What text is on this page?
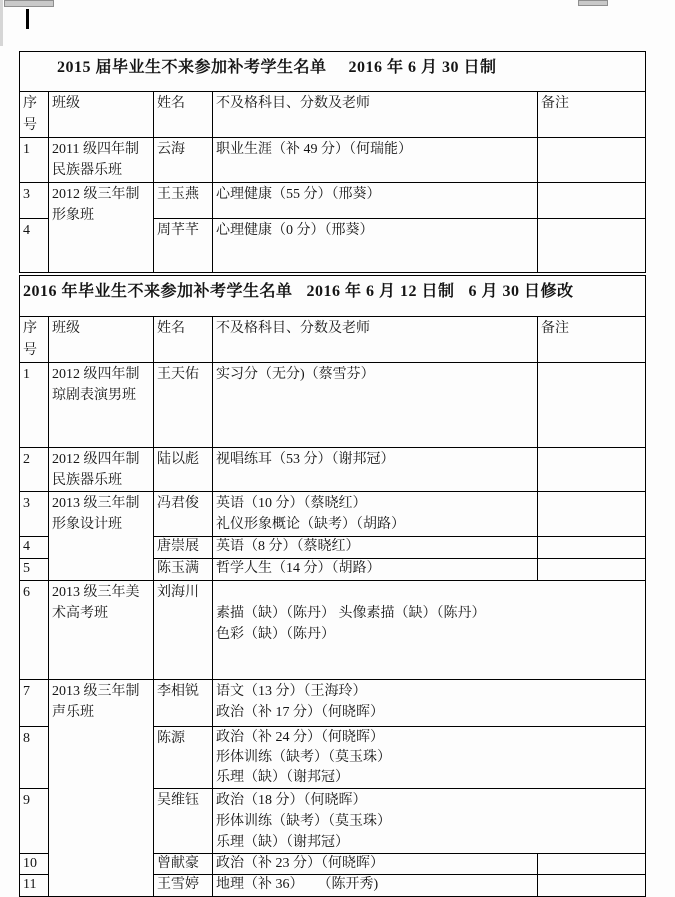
2015 届毕业生不来参加补考学生名单 2016 年 6 月 30 日制				
序号	班级	姓名	不及格科目、分数及老师	备注
1	2011 级四年制民族器乐班	云海	职业生涯（补 49 分）（何瑞能）	

3	2012 级三年制形象班	王玉燕	心理健康（55 分）（邢葵）	

4		周芊芊	心理健康（0 分）（邢葵）	

2016 年毕业生不来参加补考学生名单 2016 年 6 月 12 日制 6 月 30 日修改				
序号	班级	姓名	不及格科目、分数及老师	备注
1	2012 级四年制琼剧表演男班	王天佑	实习分（无分)（蔡雪芬）	

2	2012 级四年制民族器乐班	陆以彪	视唱练耳（53 分）（谢邦冠）	

3	2013 级三年制形象设计班	冯君俊	英语（10 分）（蔡晓红）
礼仪形象概论（缺考）（胡路）	

4		唐崇展	英语（8 分）（蔡晓红）	

5		陈玉满	哲学人生（14 分）（胡路）	

6	2013 级三年美术高考班	刘海川	素描（缺）（陈丹） 头像素描（缺）（陈丹）
色彩（缺）（陈丹）	

7	2013 级三年制声乐班	李相锐	语文（13 分）（王海玲）
政治（补 17 分）（何晓晖）	

8		陈源	政治（补 24 分）（何晓晖）
形体训练（缺考）（莫玉珠）
乐理（缺）（谢邦冠）	

9		吴维钰	政治（18 分）（何晓晖）
形体训练（缺考）（莫玉珠）
乐理（缺）（谢邦冠）	

10		曾献豪	政治（补 23 分）（何晓晖）	

11		王雪婷	地理（补 36）　　（陈开秀)	
